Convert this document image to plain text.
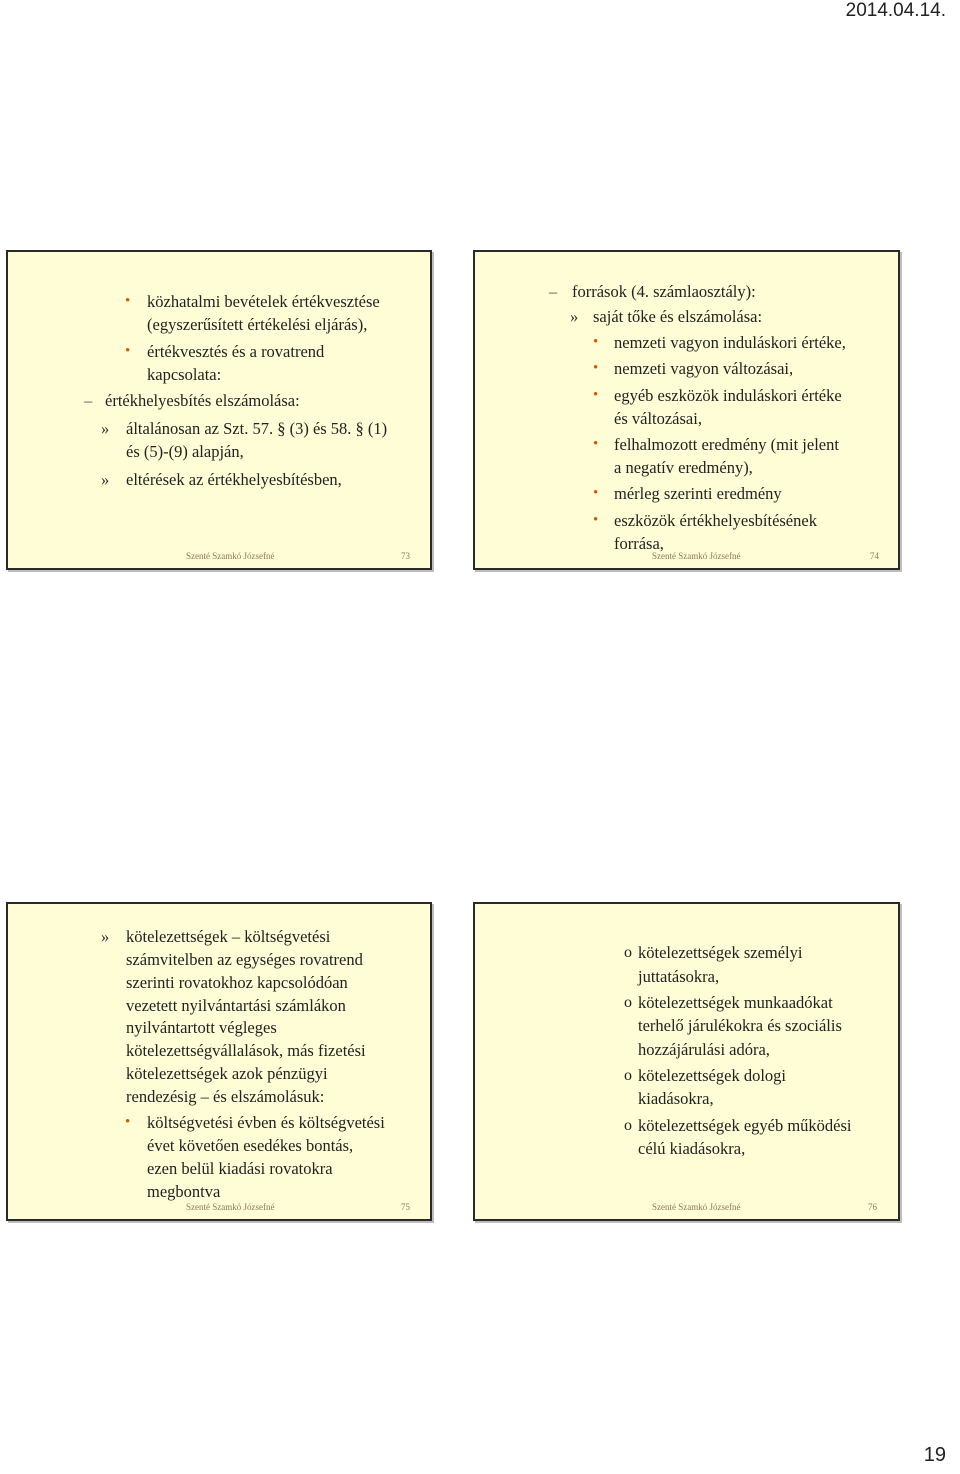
2014.04.14.
• közhatalmi bevételek értékvesztése
(egyszerűsített értékelési eljárás),
• értékvesztés és a rovatrend
kapcsolata:
– értékhelyesbítés elszámolása:
» általánosan az Szt. 57. § (3) és 58. § (1)
és (5)-(9) alapján,
» eltérések az értékhelyesbítésben,
Szenté Szamkó Józsefné	73
– források (4. számlaosztály):
» saját tőke és elszámolása:
• nemzeti vagyon induláskori értéke,
• nemzeti vagyon változásai,
• egyéb eszközök induláskori értéke
és változásai,
• felhalmozott eredmény (mit jelent
a negatív eredmény),
• mérleg szerinti eredmény
• eszközök értékhelyesbítésének
forrása,
Szenté Szamkó Józsefné	74
» kötelezettségek – költségvetési
számvitelben az egységes rovatrend
szerinti rovatokhoz kapcsolódóan
vezetett nyilvántartási számlákon
nyilvántartott végleges
kötelezettségvállalások, más fizetési
kötelezettségek azok pénzügyi
rendezésig – és elszámolásuk:
• költségvetési évben és költségvetési
évet követően esedékes bontás,
ezen belül kiadási rovatokra
megbontva
Szenté Szamkó Józsefné	75
o kötelezettségek személyi
juttatásokra,
o kötelezettségek munkaadókat
terhelő járulékokra és szociális
hozzájárulási adóra,
o kötelezettségek dologi
kiadásokra,
o kötelezettségek egyéb működési
célú kiadásokra,
Szenté Szamkó Józsefné	76
19
